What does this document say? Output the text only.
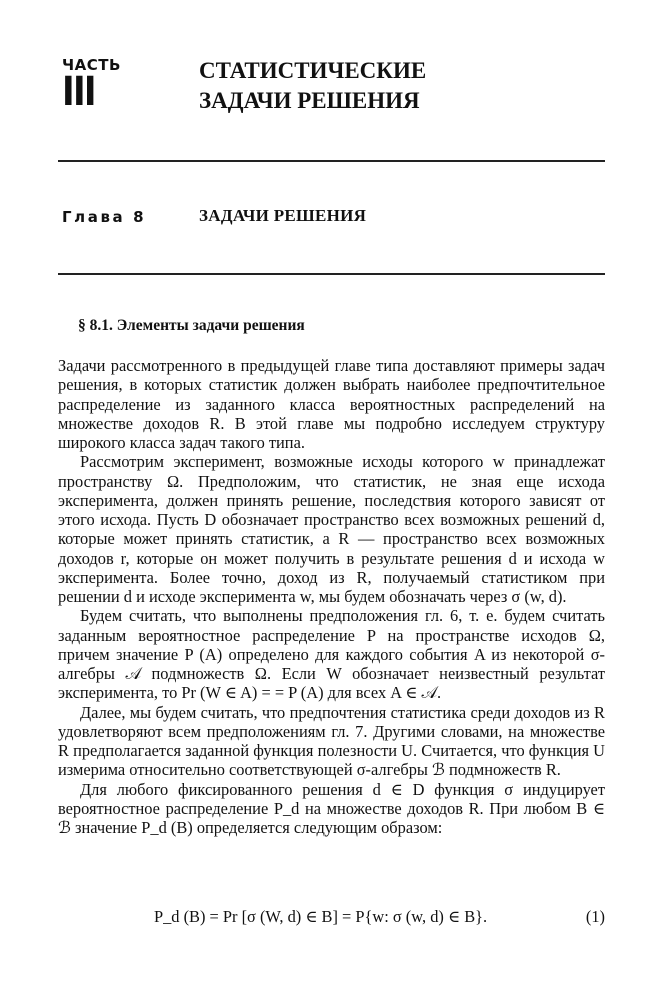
ЧАСТЬ
III	СТАТИСТИЧЕСКИЕ
ЗАДАЧИ РЕШЕНИЯ
Глава 8	ЗАДАЧИ РЕШЕНИЯ
§ 8.1. Элементы задачи решения

Задачи рассмотренного в предыдущей главе типа доставляют примеры задач решения, в которых статистик должен выбрать наиболее предпочтительное распределение из заданного класса вероятностных распределений на множестве доходов R. В этой главе мы подробно исследуем структуру широкого класса задач такого типа.

Рассмотрим эксперимент, возможные исходы которого w принадлежат пространству Ω. Предположим, что статистик, не зная еще исхода эксперимента, должен принять решение, последствия которого зависят от этого исхода. Пусть D обозначает пространство всех возможных решений d, которые может принять статистик, а R — пространство всех возможных доходов r, которые он может получить в результате решения d и исхода w эксперимента. Более точно, доход из R, получаемый статистиком при решении d и исходе эксперимента w, мы будем обозначать через σ (w, d).

Будем считать, что выполнены предположения гл. 6, т. е. будем считать заданным вероятностное распределение P на пространстве исходов Ω, причем значение P (A) определено для каждого события A из некоторой σ-алгебры 𝒜 подмножеств Ω. Если W обозначает неизвестный результат эксперимента, то Pr (W ∈ A) = = P (A) для всех A ∈ 𝒜.

Далее, мы будем считать, что предпочтения статистика среди доходов из R удовлетворяют всем предположениям гл. 7. Другими словами, на множестве R предполагается заданной функция полезности U. Считается, что функция U измерима относительно соответствующей σ-алгебры ℬ подмножеств R.

Для любого фиксированного решения d ∈ D функция σ индуцирует вероятностное распределение P_d на множестве доходов R. При любом B ∈ ℬ значение P_d (B) определяется следующим образом:

P_d (B) = Pr [σ (W, d) ∈ B] = P{w: σ (w, d) ∈ B}.	(1)
